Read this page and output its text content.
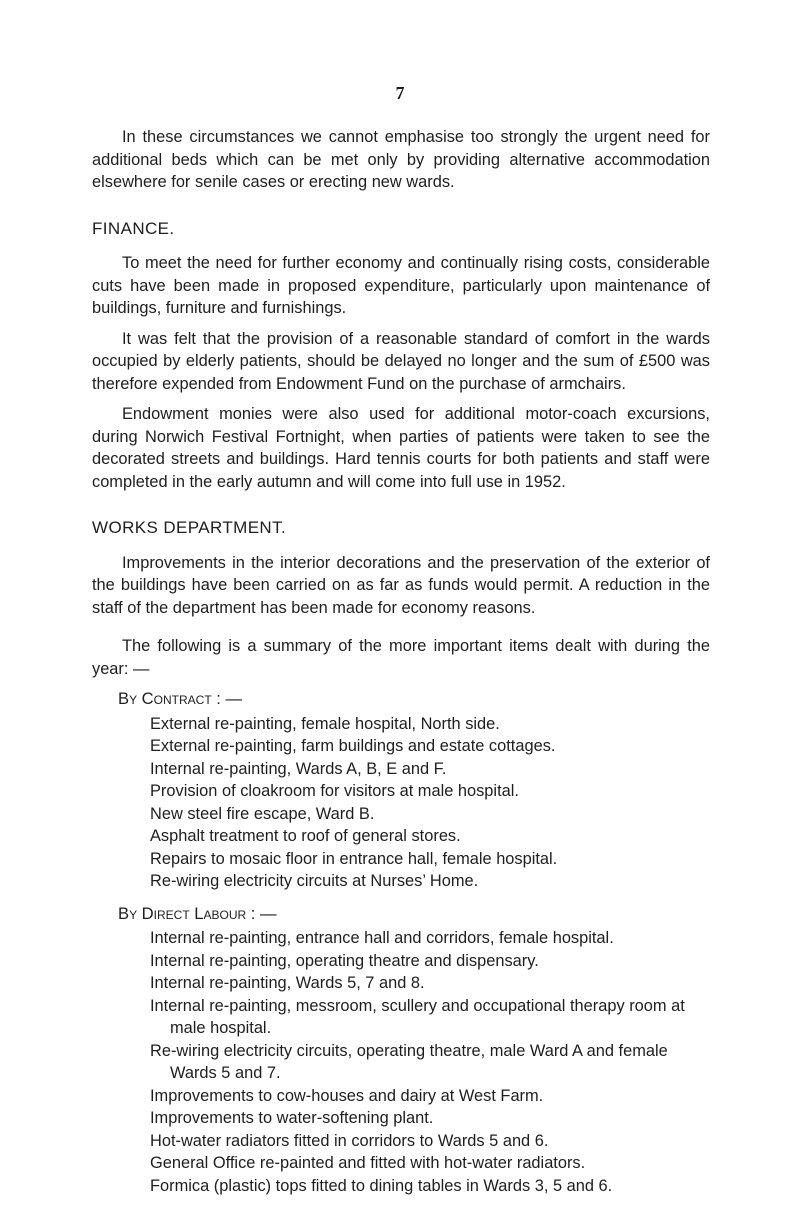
7

In these circumstances we cannot emphasise too strongly the urgent need for additional beds which can be met only by providing alternative accommodation elsewhere for senile cases or erecting new wards.

FINANCE.

To meet the need for further economy and continually rising costs, considerable cuts have been made in proposed expenditure, particularly upon maintenance of buildings, furniture and furnishings.

It was felt that the provision of a reasonable standard of comfort in the wards occupied by elderly patients, should be delayed no longer and the sum of £500 was therefore expended from Endowment Fund on the purchase of armchairs.

Endowment monies were also used for additional motor-coach excursions, during Norwich Festival Fortnight, when parties of patients were taken to see the decorated streets and buildings. Hard tennis courts for both patients and staff were completed in the early autumn and will come into full use in 1952.

WORKS DEPARTMENT.

Improvements in the interior decorations and the preservation of the exterior of the buildings have been carried on as far as funds would permit. A reduction in the staff of the department has been made for economy reasons.

The following is a summary of the more important items dealt with during the year: —

By Contract : —
External re-painting, female hospital, North side.
External re-painting, farm buildings and estate cottages.
Internal re-painting, Wards A, B, E and F.
Provision of cloakroom for visitors at male hospital.
New steel fire escape, Ward B.
Asphalt treatment to roof of general stores.
Repairs to mosaic floor in entrance hall, female hospital.
Re-wiring electricity circuits at Nurses’ Home.
By Direct Labour : —
Internal re-painting, entrance hall and corridors, female hospital.
Internal re-painting, operating theatre and dispensary.
Internal re-painting, Wards 5, 7 and 8.
Internal re-painting, messroom, scullery and occupational therapy room at male hospital.
Re-wiring electricity circuits, operating theatre, male Ward A and female Wards 5 and 7.
Improvements to cow-houses and dairy at West Farm.
Improvements to water-softening plant.
Hot-water radiators fitted in corridors to Wards 5 and 6.
General Office re-painted and fitted with hot-water radiators.
Formica (plastic) tops fitted to dining tables in Wards 3, 5 and 6.
